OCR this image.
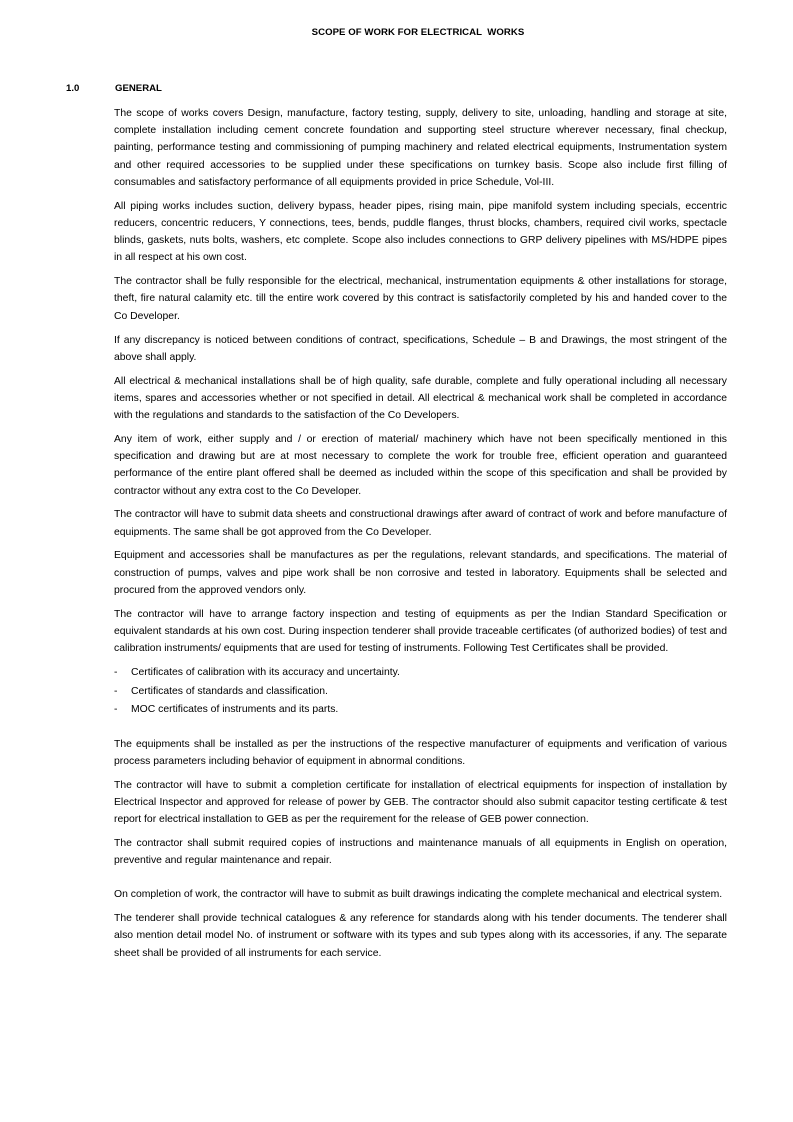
SCOPE OF WORK FOR ELECTRICAL  WORKS
1.0	GENERAL

The scope of works covers Design, manufacture, factory testing, supply, delivery to site, unloading, handling and storage at site, complete installation including cement concrete foundation and supporting steel structure wherever necessary, final checkup, painting, performance testing and commissioning of pumping machinery and related electrical equipments, Instrumentation system and other required accessories to be supplied under these specifications on turnkey basis. Scope also include first filling of consumables and satisfactory performance of all equipments provided in price Schedule, Vol-III.

All piping works includes suction, delivery bypass, header pipes, rising main, pipe manifold system including specials, eccentric reducers, concentric reducers, Y connections, tees, bends, puddle flanges, thrust blocks, chambers, required civil works, spectacle blinds, gaskets, nuts bolts, washers, etc complete. Scope also includes connections to GRP delivery pipelines with MS/HDPE pipes in all respect at his own cost.

The contractor shall be fully responsible for the electrical, mechanical, instrumentation equipments & other installations for storage, theft, fire natural calamity etc. till the entire work covered by this contract is satisfactorily completed by his and handed cover to the Co Developer.

If any discrepancy is noticed between conditions of contract, specifications, Schedule – B and Drawings, the most stringent of the above shall apply.

All electrical & mechanical installations shall be of high quality, safe durable, complete and fully operational including all necessary items, spares and accessories whether or not specified in detail. All electrical & mechanical work shall be completed in accordance with the regulations and standards to the satisfaction of the Co Developers.

Any item of work, either supply and / or erection of material/ machinery which have not been specifically mentioned in this specification and drawing but are at most necessary to complete the work for trouble free, efficient operation and guaranteed performance of the entire plant offered shall be deemed as included within the scope of this specification and shall be provided by contractor without any extra cost to the Co Developer.

The contractor will have to submit data sheets and constructional drawings after award of contract of work and before manufacture of equipments. The same shall be got approved from the Co Developer.

Equipment and accessories shall be manufactures as per the regulations, relevant standards, and specifications. The material of construction of pumps, valves and pipe work shall be non corrosive and tested in laboratory. Equipments shall be selected and procured from the approved vendors only.

The contractor will have to arrange factory inspection and testing of equipments as per the Indian Standard Specification or equivalent standards at his own cost. During inspection tenderer shall provide traceable certificates (of authorized bodies) of test and calibration instruments/ equipments that are used for testing of instruments. Following Test Certificates shall be provided.

- Certificates of calibration with its accuracy and uncertainty.
- Certificates of standards and classification.
- MOC certificates of instruments and its parts.

The equipments shall be installed as per the instructions of the respective manufacturer of equipments and verification of various process parameters including behavior of equipment in abnormal conditions.

The contractor will have to submit a completion certificate for installation of electrical equipments for inspection of installation by Electrical Inspector and approved for release of power by GEB. The contractor should also submit capacitor testing certificate & test report for electrical installation to GEB as per the requirement for the release of GEB power connection.

The contractor shall submit required copies of instructions and maintenance manuals of all equipments in English on operation, preventive and regular maintenance and repair.

On completion of work, the contractor will have to submit as built drawings indicating the complete mechanical and electrical system.

The tenderer shall provide technical catalogues & any reference for standards along with his tender documents. The tenderer shall also mention detail model No. of instrument or software with its types and sub types along with its accessories, if any. The separate sheet shall be provided of all instruments for each service.
